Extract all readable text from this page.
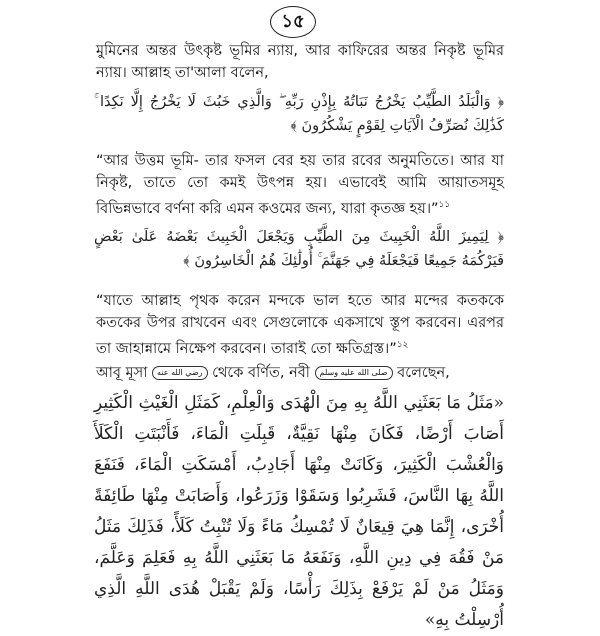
১৫
মুমিনের অন্তর উৎকৃষ্ট ভূমির ন্যায়, আর কাফিরের অন্তর নিকৃষ্ট ভূমির ন্যায়। আল্লাহ তা'আলা বলেন,
﴿ وَالْبَلَدُ الطَّيِّبُ يَخْرُجُ نَبَاتُهُ بِإِذْنِ رَبِّهِ ۖ وَالَّذِي خَبُثَ لَا يَخْرُجُ إِلَّا نَكِدًا ۚ كَذَٰلِكَ نُصَرِّفُ الْآيَاتِ لِقَوْمٍ يَشْكُرُونَ ﴾
“আর উত্তম ভূমি- তার ফসল বের হয় তার রবের অনুমতিতে। আর যা নিকৃষ্ট, তাতে তো কমই উৎপন্ন হয়। এভাবেই আমি আয়াতসমূহ বিভিন্নভাবে বর্ণনা করি এমন কওমের জন্য, যারা কৃতজ্ঞ হয়।”$^{১১}$
﴿ لِيَمِيزَ اللَّهُ الْخَبِيثَ مِنَ الطَّيِّبِ وَيَجْعَلَ الْخَبِيثَ بَعْضَهُ عَلَىٰ بَعْضٍ فَيَرْكُمَهُ جَمِيعًا فَيَجْعَلَهُ فِي جَهَنَّمَ ۚ أُولَٰئِكَ هُمُ الْخَاسِرُونَ ﴾
“যাতে আল্লাহ পৃথক করেন মন্দকে ভাল হতে আর মন্দের কতককে কতকের উপর রাখবেন এবং সেগুলোকে একসাথে স্তূপ করবেন। এরপর তা জাহান্নামে নিক্ষেপ করবেন। তারাই তো ক্ষতিগ্রস্ত।”$^{১২}$
আবূ মূসা رضي الله عنه থেকে বর্ণিত, নবী صلى الله عليه وسلم বলেছেন,
«مَثَلُ مَا بَعَثَنِي اللَّهُ بِهِ مِنَ الْهُدَى وَالْعِلْمِ، كَمَثَلِ الْغَيْثِ الْكَثِيرِ أَصَابَ أَرْضًا، فَكَانَ مِنْهَا نَقِيَّةٌ، قَبِلَتِ الْمَاءَ، فَأَنْبَتَتِ الْكَلَأَ وَالْعُشْبَ الْكَثِيرَ، وَكَانَتْ مِنْهَا أَجَادِبُ، أَمْسَكَتِ الْمَاءَ، فَنَفَعَ اللَّهُ بِهَا النَّاسَ، فَشَرِبُوا وَسَقَوْا وَزَرَعُوا، وَأَصَابَتْ مِنْهَا طَائِفَةً أُخْرَى، إِنَّمَا هِيَ قِيعَانٌ لَا تُمْسِكُ مَاءً وَلَا تُنْبِتُ كَلَأً، فَذَلِكَ مَثَلُ مَنْ فَقُهَ فِي دِينِ اللَّهِ، وَنَفَعَهُ مَا بَعَثَنِي اللَّهُ بِهِ فَعَلِمَ وَعَلَّمَ، وَمَثَلُ مَنْ لَمْ يَرْفَعْ بِذَلِكَ رَأْسًا، وَلَمْ يَقْبَلْ هُدَى اللَّهِ الَّذِي أُرْسِلْتُ بِهِ»
